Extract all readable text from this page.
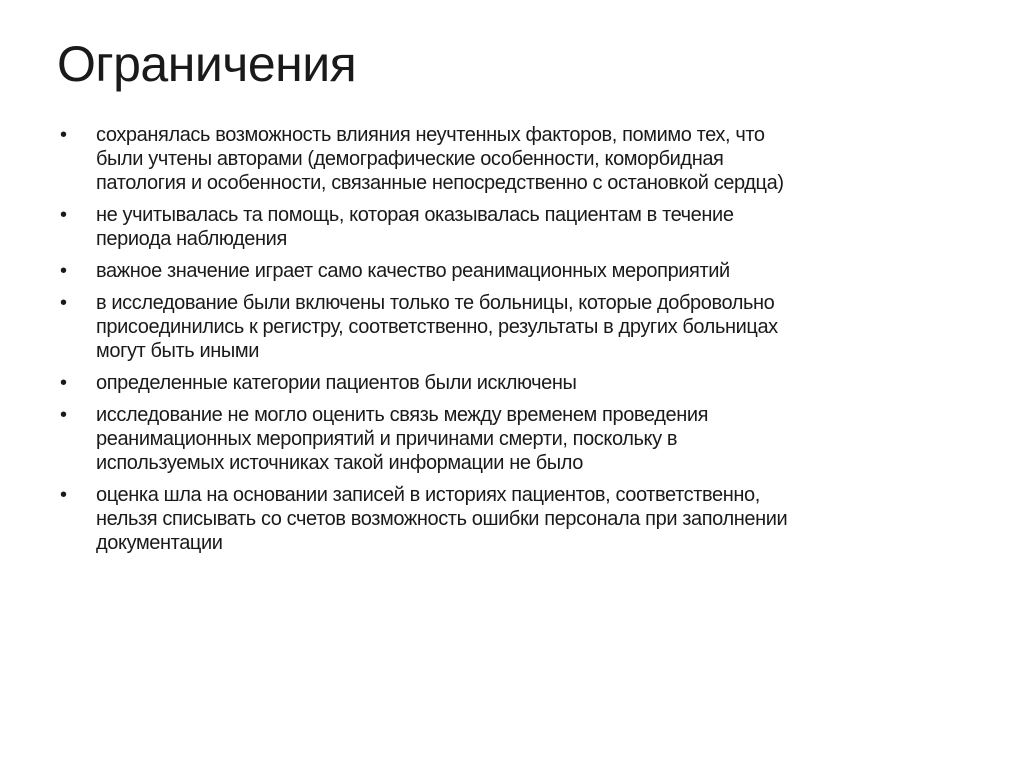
Ограничения
• сохранялась возможность влияния неучтенных факторов, помимо тех, что
были учтены авторами (демографические особенности, коморбидная
патология и особенности, связанные непосредственно с остановкой сердца)
• не учитывалась та помощь, которая оказывалась пациентам в течение
периода наблюдения
• важное значение играет само качество реанимационных мероприятий
• в исследование были включены только те больницы, которые добровольно
присоединились к регистру, соответственно, результаты в других больницах
могут быть иными
• определенные категории пациентов были исключены
• исследование не могло оценить связь между временем проведения
реанимационных мероприятий и причинами смерти, поскольку в
используемых источниках такой информации не было
• оценка шла на основании записей в историях пациентов, соответственно,
нельзя списывать со счетов возможность ошибки персонала при заполнении
документации
